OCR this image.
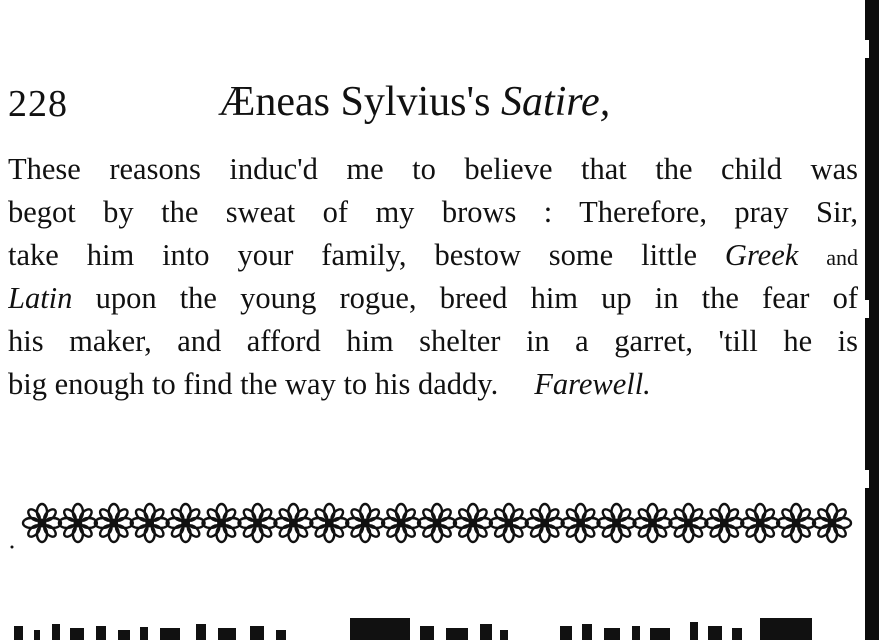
228	Æneas Sylvius's Satire,
These reasons induc'd me to believe that the child was
begot by the sweat of my brows : Therefore, pray Sir,
take him into your family, bestow some little Greek and
Latin upon the young rogue, breed him up in the fear of
his maker, and afford him shelter in a garret, 'till he is
big enough to find the way to his daddy. Farewell.
